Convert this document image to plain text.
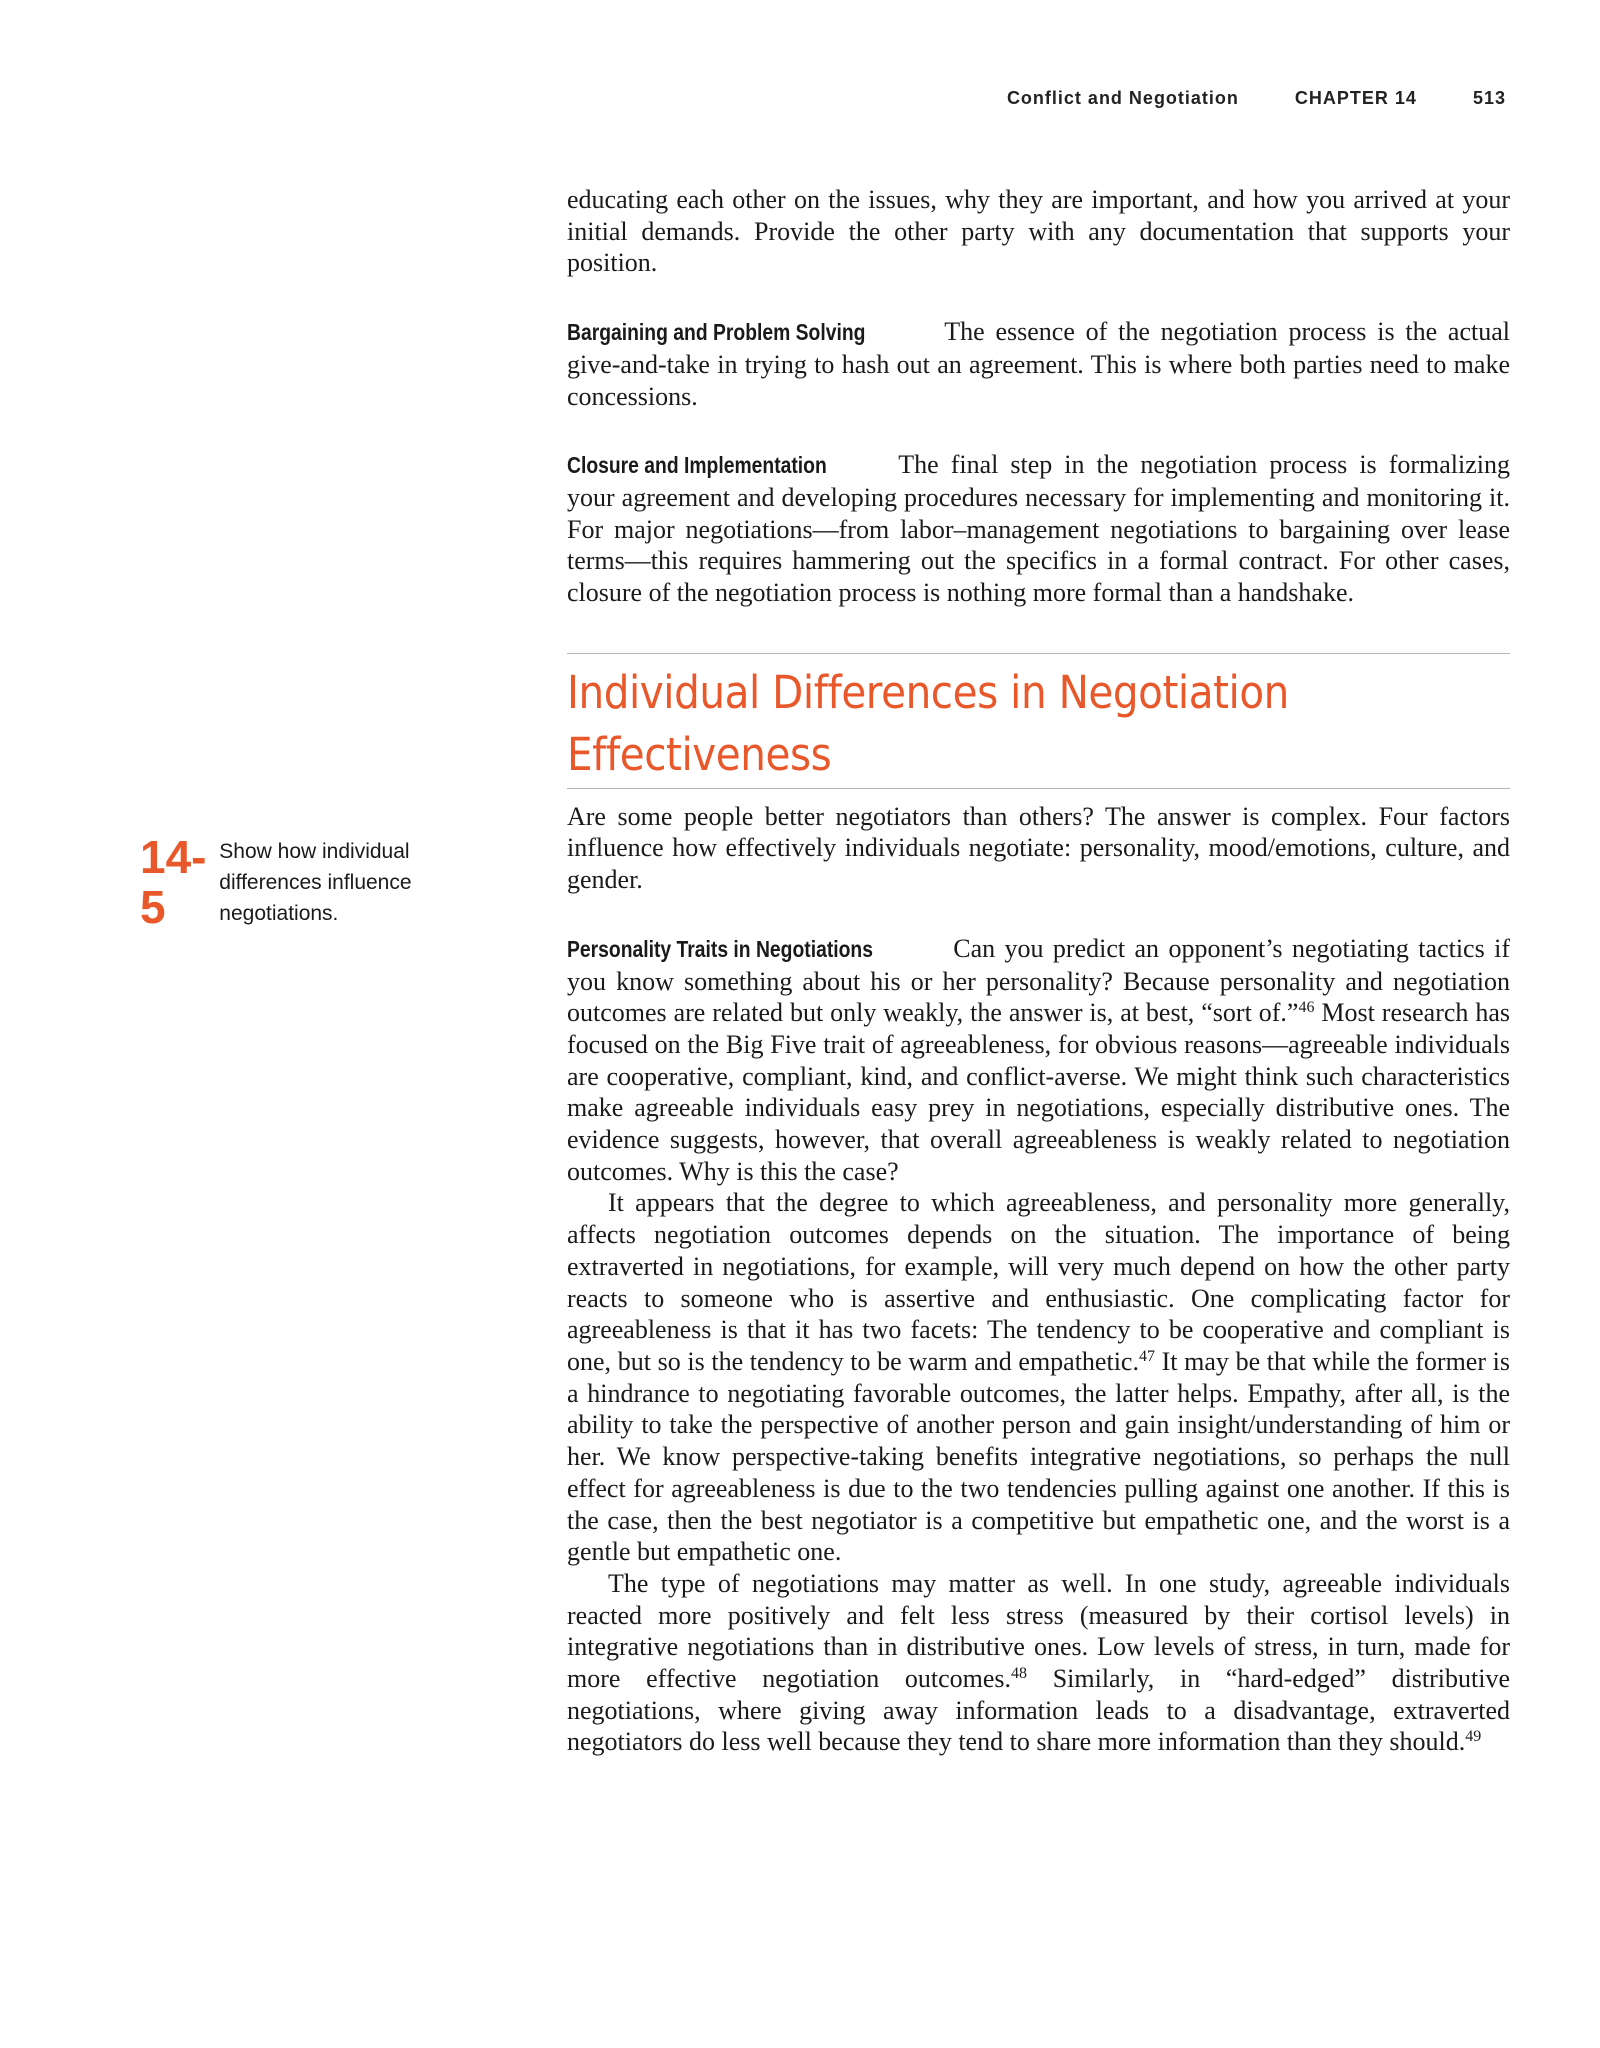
Conflict and Negotiation	CHAPTER 14	513
14-5
Show how individual differences influence negotiations.

educating each other on the issues, why they are important, and how you arrived at your initial demands. Provide the other party with any documentation that supports your position.

Bargaining and Problem Solving	The essence of the negotiation process is the actual give-and-take in trying to hash out an agreement. This is where both parties need to make concessions.

Closure and Implementation	The final step in the negotiation process is formalizing your agreement and developing procedures necessary for implementing and monitoring it. For major negotiations—from labor–management negotiations to bargaining over lease terms—this requires hammering out the specifics in a formal contract. For other cases, closure of the negotiation process is nothing more formal than a handshake.

Individual Differences in Negotiation
Effectiveness

Are some people better negotiators than others? The answer is complex. Four factors influence how effectively individuals negotiate: personality, mood/emotions, culture, and gender.

Personality Traits in Negotiations	Can you predict an opponent’s negotiating tactics if you know something about his or her personality? Because personality and negotiation outcomes are related but only weakly, the answer is, at best, “sort of.”$^{46}$ Most research has focused on the Big Five trait of agreeableness, for obvious reasons—agreeable individuals are cooperative, compliant, kind, and conflict-averse. We might think such characteristics make agreeable individuals easy prey in negotiations, especially distributive ones. The evidence suggests, however, that overall agreeableness is weakly related to negotiation outcomes. Why is this the case?

It appears that the degree to which agreeableness, and personality more generally, affects negotiation outcomes depends on the situation. The importance of being extraverted in negotiations, for example, will very much depend on how the other party reacts to someone who is assertive and enthusiastic. One complicating factor for agreeableness is that it has two facets: The tendency to be cooperative and compliant is one, but so is the tendency to be warm and empathetic.$^{47}$ It may be that while the former is a hindrance to negotiating favorable outcomes, the latter helps. Empathy, after all, is the ability to take the perspective of another person and gain insight/understanding of him or her. We know perspective-taking benefits integrative negotiations, so perhaps the null effect for agreeableness is due to the two tendencies pulling against one another. If this is the case, then the best negotiator is a competitive but empathetic one, and the worst is a gentle but empathetic one.

The type of negotiations may matter as well. In one study, agreeable individuals reacted more positively and felt less stress (measured by their cortisol levels) in integrative negotiations than in distributive ones. Low levels of stress, in turn, made for more effective negotiation outcomes.$^{48}$ Similarly, in “hard-edged” distributive negotiations, where giving away information leads to a disadvantage, extraverted negotiators do less well because they tend to share more information than they should.$^{49}$
